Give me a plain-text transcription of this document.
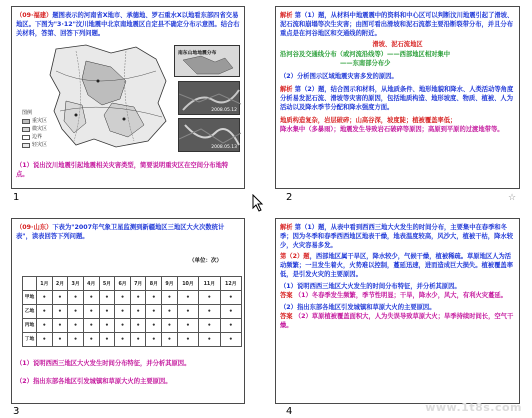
（09·福建）题图表示的河南省X地市、承德地、罗石重水X以地看东部四省交易地区。下图为"3·12"汶川地震中北京南地震区自定县不确定分布示意图。结合右关材料，答第、回答下列问题。
图例
重灾区
微灾区
边界
轻灾区
南东山地地震分布
2008.05.12
2008.05.13
（1）说出汶川地震引起地震相关灾害类型，简要说明重灾区在空间分布地特点。
1
解析 第（1）题，从材料中地震震中的资料和中心区可以判断汶川地震引起了滑坡、泥石流和崩塌等次生灾害；由图可看出滑坡和泥石流都主要沿断裂带分布，并且分布重点是在河谷地区和交通线的附近。
滑坡、泥石流地区
沿河谷及交通线分布（或河流沿线等）——西部地区相对集中
——东南部分布少
（2）分析图示区域地震灾害多发的原因。
解析 第（2）题，结合图示和材料，从地质条件、地形地貌和降水、人类活动等角度分析易发泥石流、滑坡等灾害的原因，包括地质构造、地形坡度、物质、植被、人为活动以及降水季节分配和降水强度方面。
地质构造复杂，岩层破碎；山高谷深，坡度陡；植被覆盖率低；
降水集中（多暴雨）；地震发生导致岩石破碎等原因；高原到平原的过渡地带等。
2	☆
（09·山东）下表为"2007年气象卫星监测到新疆地区三地区大火次数统计表"，读表回答下列问题。
（单位：次）
	1月	2月	3月	4月	5月	6月	7月	8月	9月	10月	11月	12月
甲地	•	•	•	•	•	•	•	•	•	•	•	•
乙地	•	•	•	•	•	•	•	•	•	•	•	•
丙地	•	•	•	•	•	•	•	•	•	•	•	•
丁地	•	•	•	•	•	•	•	•	•	•	•	•
（1）说明西西三地区大火发生时间分布特征，并分析其原因。
（2）指出东部各地区引发城镇和草原大火的主要原因。
3
解析 第（1）题，从表中看到西西三地大火发生的时间分布，主要集中在春季和冬季；因为冬季和春季西西地区地表干燥，地表温度较高，风沙大，植被干枯，降水较少，火灾容易多发。
第（2）题，西部地区属干旱区，降水较少，气候干燥，植被稀疏。草原地区人为活动频繁；一旦发生着火，火势难以控制，蔓延迅速，进而造成巨大损失。植被覆盖率低，是引发火灾的主要原因。
（1）说明西西三地区大火发生的时间分布特征，并分析其原因。
答案 （1）冬春季发生频繁，季节性明显；干旱，降水少，风大，有利火灾蔓延。
（2）指出东部各地区引发城镇和草原大火的主要原因。
答案 （2）草原植被覆盖面积大，人为失误导致草原大火；旱季持续时间长，空气干燥。
4	www.1t8s.com
